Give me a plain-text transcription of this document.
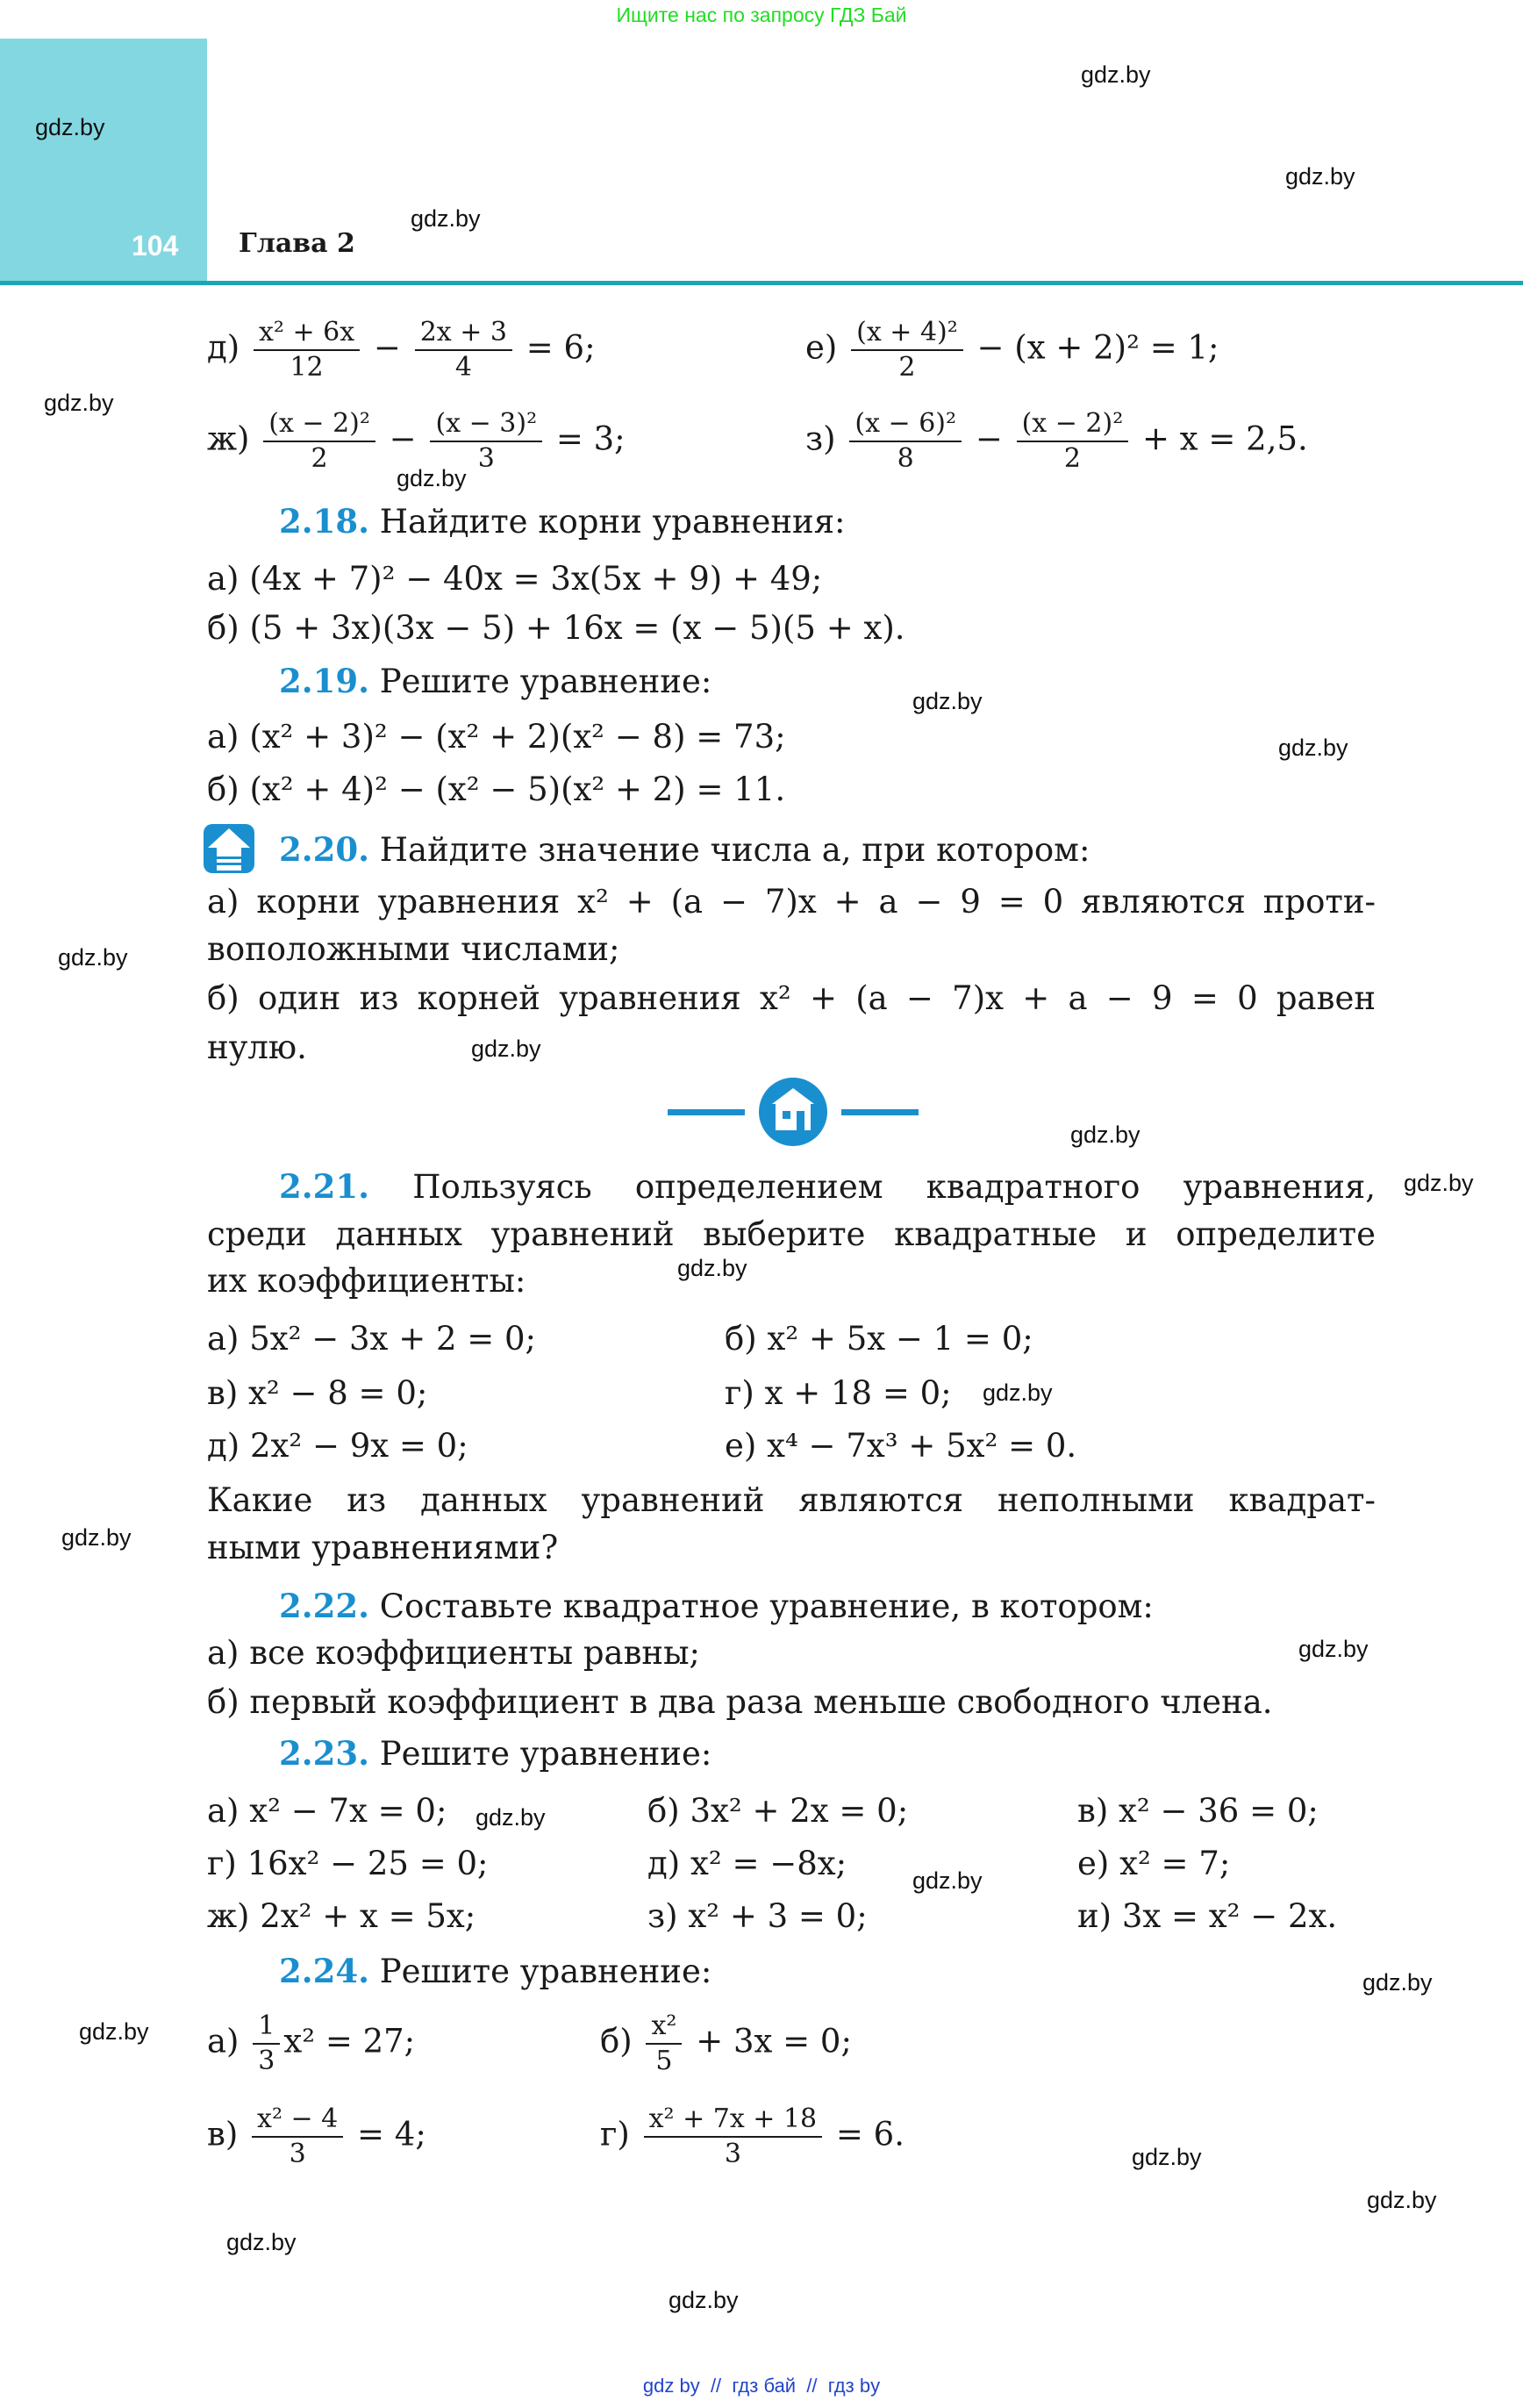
Ищите нас по запросу ГДЗ Бай
104 Глава 2
gdz.by
gdz.by
gdz.by
gdz.by
gdz.by
gdz.by
gdz.by
gdz.by
gdz.by
gdz.by
gdz.by
gdz.by
gdz.by
gdz.by
gdz.by
gdz.by
gdz.by
gdz.by
gdz.by
gdz.by
gdz.by
gdz.by
gdz.by
gdz.by
$д) \frac{\text{x² + 6x}}{12} - \frac{2x + 3}{4} = 6$;	$е) \frac{\text{(x + 4)²}}{2} - (x + 2)^2 = 1$;
$ж) \frac{\text{(x − 2)²}}{2} - \frac{\text{(x − 3)²}}{3} = 3$;	$з) \frac{\text{(x − 6)²}}{8} - \frac{\text{(x − 2)²}}{2} + x = 2,5$.
2.18. Найдите корни уравнения:
а) (4x + 7)² − 40x = 3x(5x + 9) + 49;
б) (5 + 3x)(3x − 5) + 16x = (x − 5)(5 + x).
2.19. Решите уравнение:
а) (x² + 3)² − (x² + 2)(x² − 8) = 73;
б) (x² + 4)² − (x² − 5)(x² + 2) = 11.
2.20. Найдите значение числа a, при котором:
а) корни уравнения x² + (a − 7)x + a − 9 = 0 являются проти-
воположными числами;
б) один из корней уравнения x² + (a − 7)x + a − 9 = 0 равен
нулю.
2.21. Пользуясь определением квадратного уравнения,
среди данных уравнений выберите квадратные и определите
их коэффициенты:
а) 5x² − 3x + 2 = 0;	б) x² + 5x − 1 = 0;
в) x² − 8 = 0;	г) x + 18 = 0;
д) 2x² − 9x = 0;	е) x⁴ − 7x³ + 5x² = 0.
Какие из данных уравнений являются неполными квадрат-
ными уравнениями?
2.22. Составьте квадратное уравнение, в котором:
а) все коэффициенты равны;
б) первый коэффициент в два раза меньше свободного члена.
2.23. Решите уравнение:
а) x² − 7x = 0;	б) 3x² + 2x = 0;	в) x² − 36 = 0;
г) 16x² − 25 = 0;	д) x² = −8x;	е) x² = 7;
ж) 2x² + x = 5x;	з) x² + 3 = 0;	и) 3x = x² − 2x.
2.24. Решите уравнение:
$а) \frac{1}{3} x^2 = 27$;	$б) \frac{\text{x²}}{5} + 3x = 0$;
$в) \frac{\text{x² − 4}}{3} = 4$;	$г) \frac{\text{x² + 7x + 18}}{3} = 6$.
gdz by  //  гдз бай  //  гдз by
